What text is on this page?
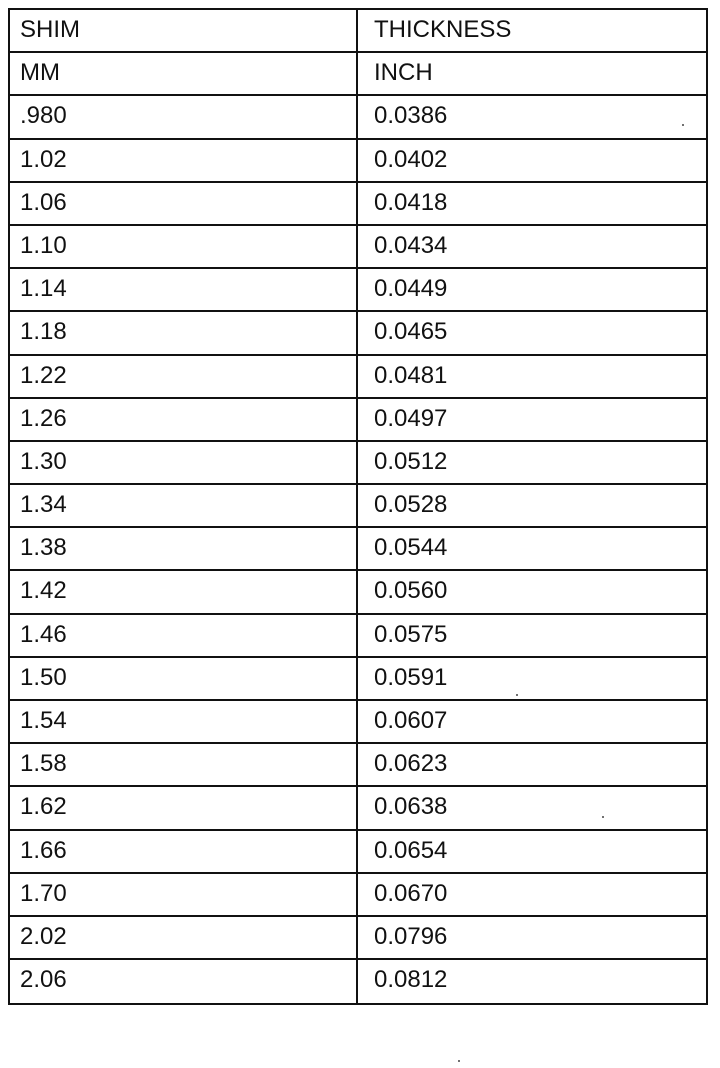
SHIM	THICKNESS
MM	INCH
.980	0.0386
1.02	0.0402
1.06	0.0418
1.10	0.0434
1.14	0.0449
1.18	0.0465
1.22	0.0481
1.26	0.0497
1.30	0.0512
1.34	0.0528
1.38	0.0544
1.42	0.0560
1.46	0.0575
1.50	0.0591
1.54	0.0607
1.58	0.0623
1.62	0.0638
1.66	0.0654
1.70	0.0670
2.02	0.0796
2.06	0.0812
